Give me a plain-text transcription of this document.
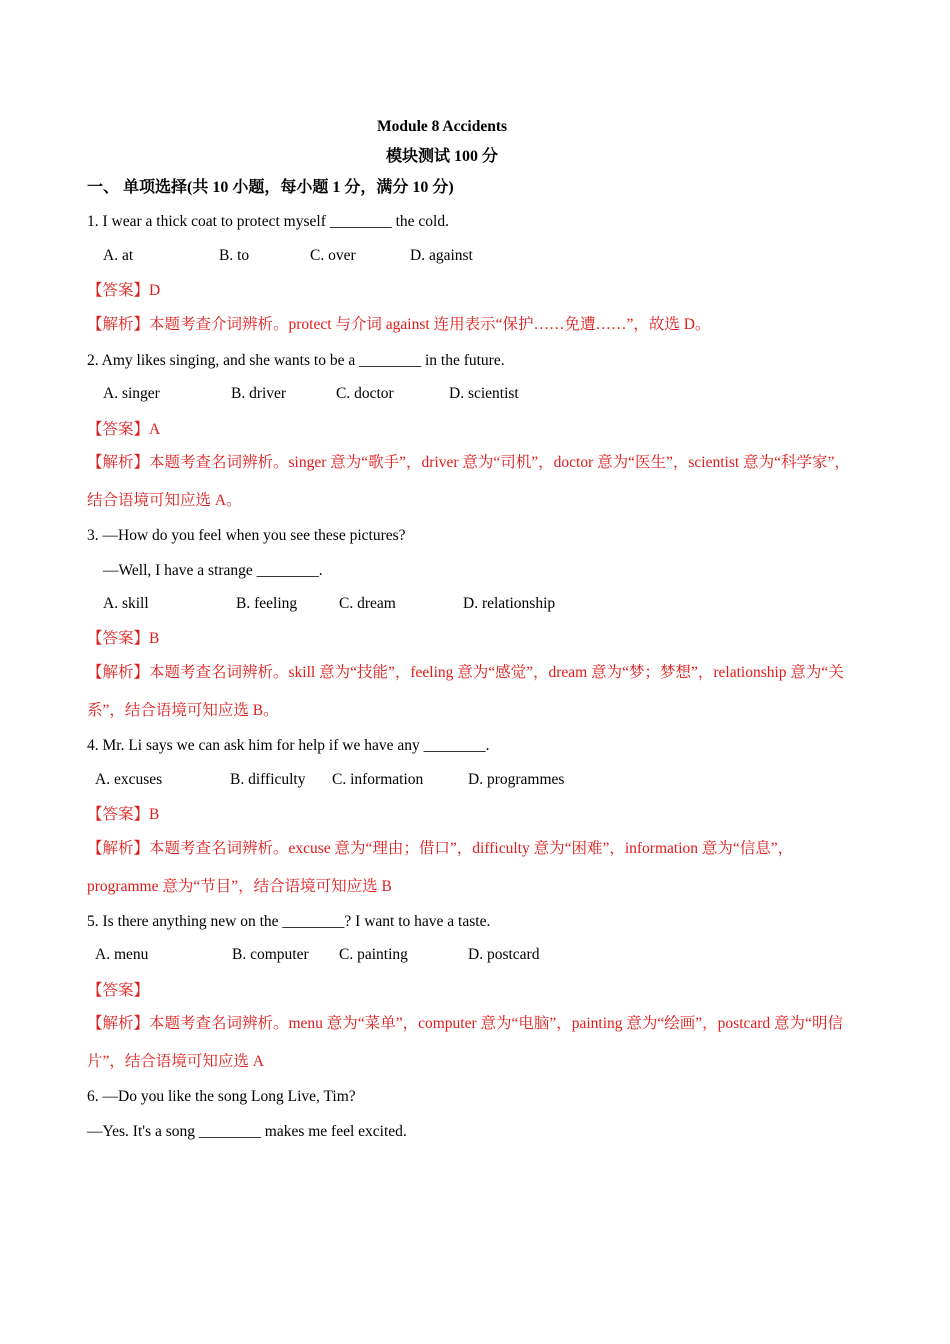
Module 8 Accidents
模块测试 100 分
一、 单项选择(共 10 小题，每小题 1 分，满分 10 分)
1. I wear a thick coat to protect myself ________ the cold.
A. at	B. to	C. over	D. against
【答案】D
【解析】本题考查介词辨析。protect 与介词 against 连用表示“保护……免遭……”，故选 D。
2. Amy likes singing, and she wants to be a ________ in the future.
A. singer	B. driver	C. doctor	D. scientist
【答案】A
【解析】本题考查名词辨析。singer 意为“歌手”，driver 意为“司机”，doctor 意为“医生”，scientist 意为“科学家”，结合语境可知应选 A。
3. —How do you feel when you see these pictures?
—Well, I have a strange ________.
A. skill	B. feeling	C. dream	D. relationship
【答案】B
【解析】本题考查名词辨析。skill 意为“技能”，feeling 意为“感觉”，dream 意为“梦；梦想”，relationship 意为“关系”，结合语境可知应选 B。
4. Mr. Li says we can ask him for help if we have any ________.
A. excuses	B. difficulty C. information	D. programmes
【答案】B
【解析】本题考查名词辨析。excuse 意为“理由；借口”，difficulty 意为“困难”，information 意为“信息”，programme 意为“节目”，结合语境可知应选 B
5. Is there anything new on the ________? I want to have a taste.
A. menu	B. computer C. painting	D. postcard
【答案】
【解析】本题考查名词辨析。menu 意为“菜单”，computer 意为“电脑”，painting 意为“绘画”，postcard 意为“明信片”，结合语境可知应选 A
6. —Do you like the song Long Live, Tim?
—Yes. It's a song ________ makes me feel excited.
